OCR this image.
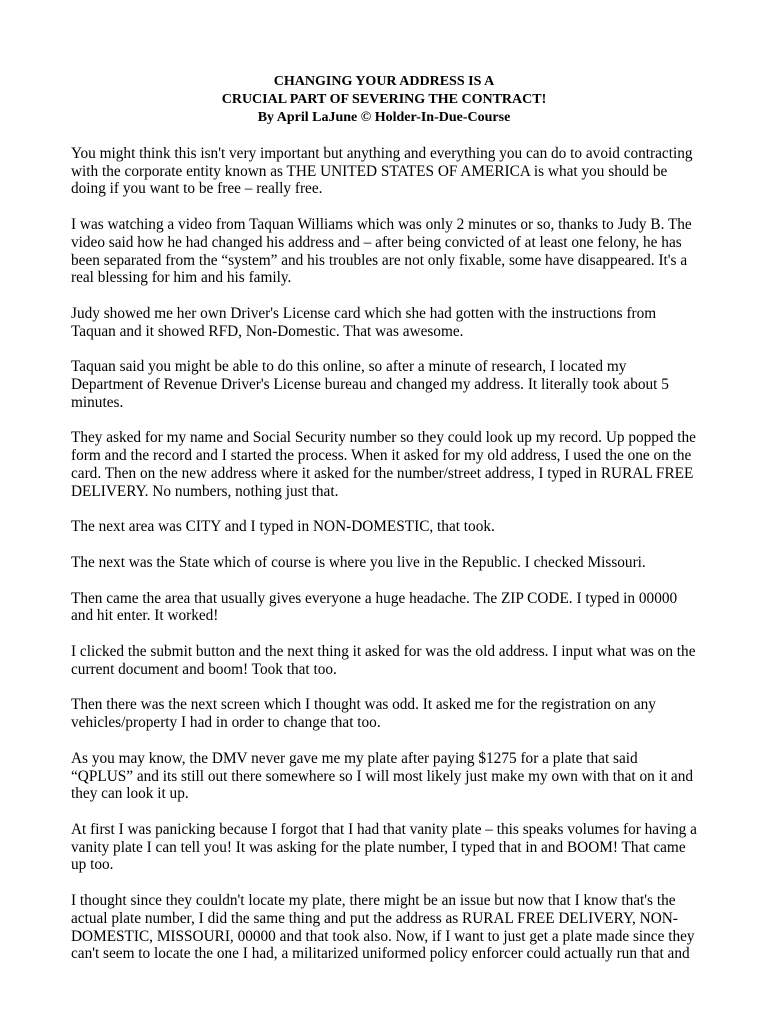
CHANGING YOUR ADDRESS IS A
CRUCIAL PART OF SEVERING THE CONTRACT!
By April LaJune © Holder-In-Due-Course

You might think this isn't very important but anything and everything you can do to avoid contracting with the corporate entity known as THE UNITED STATES OF AMERICA is what you should be doing if you want to be free – really free.

I was watching a video from Taquan Williams which was only 2 minutes or so, thanks to Judy B. The video said how he had changed his address and – after being convicted of at least one felony, he has been separated from the “system” and his troubles are not only fixable, some have disappeared. It's a real blessing for him and his family.

Judy showed me her own Driver's License card which she had gotten with the instructions from Taquan and it showed RFD, Non-Domestic. That was awesome.

Taquan said you might be able to do this online, so after a minute of research, I located my Department of Revenue Driver's License bureau and changed my address. It literally took about 5 minutes.

They asked for my name and Social Security number so they could look up my record. Up popped the form and the record and I started the process. When it asked for my old address, I used the one on the card. Then on the new address where it asked for the number/street address, I typed in RURAL FREE DELIVERY. No numbers, nothing just that.

The next area was CITY and I typed in NON-DOMESTIC, that took.

The next was the State which of course is where you live in the Republic. I checked Missouri.

Then came the area that usually gives everyone a huge headache. The ZIP CODE. I typed in 00000 and hit enter. It worked!

I clicked the submit button and the next thing it asked for was the old address. I input what was on the current document and boom! Took that too.

Then there was the next screen which I thought was odd. It asked me for the registration on any vehicles/property I had in order to change that too.

As you may know, the DMV never gave me my plate after paying $1275 for a plate that said “QPLUS” and its still out there somewhere so I will most likely just make my own with that on it and they can look it up.

At first I was panicking because I forgot that I had that vanity plate – this speaks volumes for having a vanity plate I can tell you! It was asking for the plate number, I typed that in and BOOM! That came up too.

I thought since they couldn't locate my plate, there might be an issue but now that I know that's the actual plate number, I did the same thing and put the address as RURAL FREE DELIVERY, NON-DOMESTIC, MISSOURI, 00000 and that took also. Now, if I want to just get a plate made since they can't seem to locate the one I had, a militarized uniformed policy enforcer could actually run that and
